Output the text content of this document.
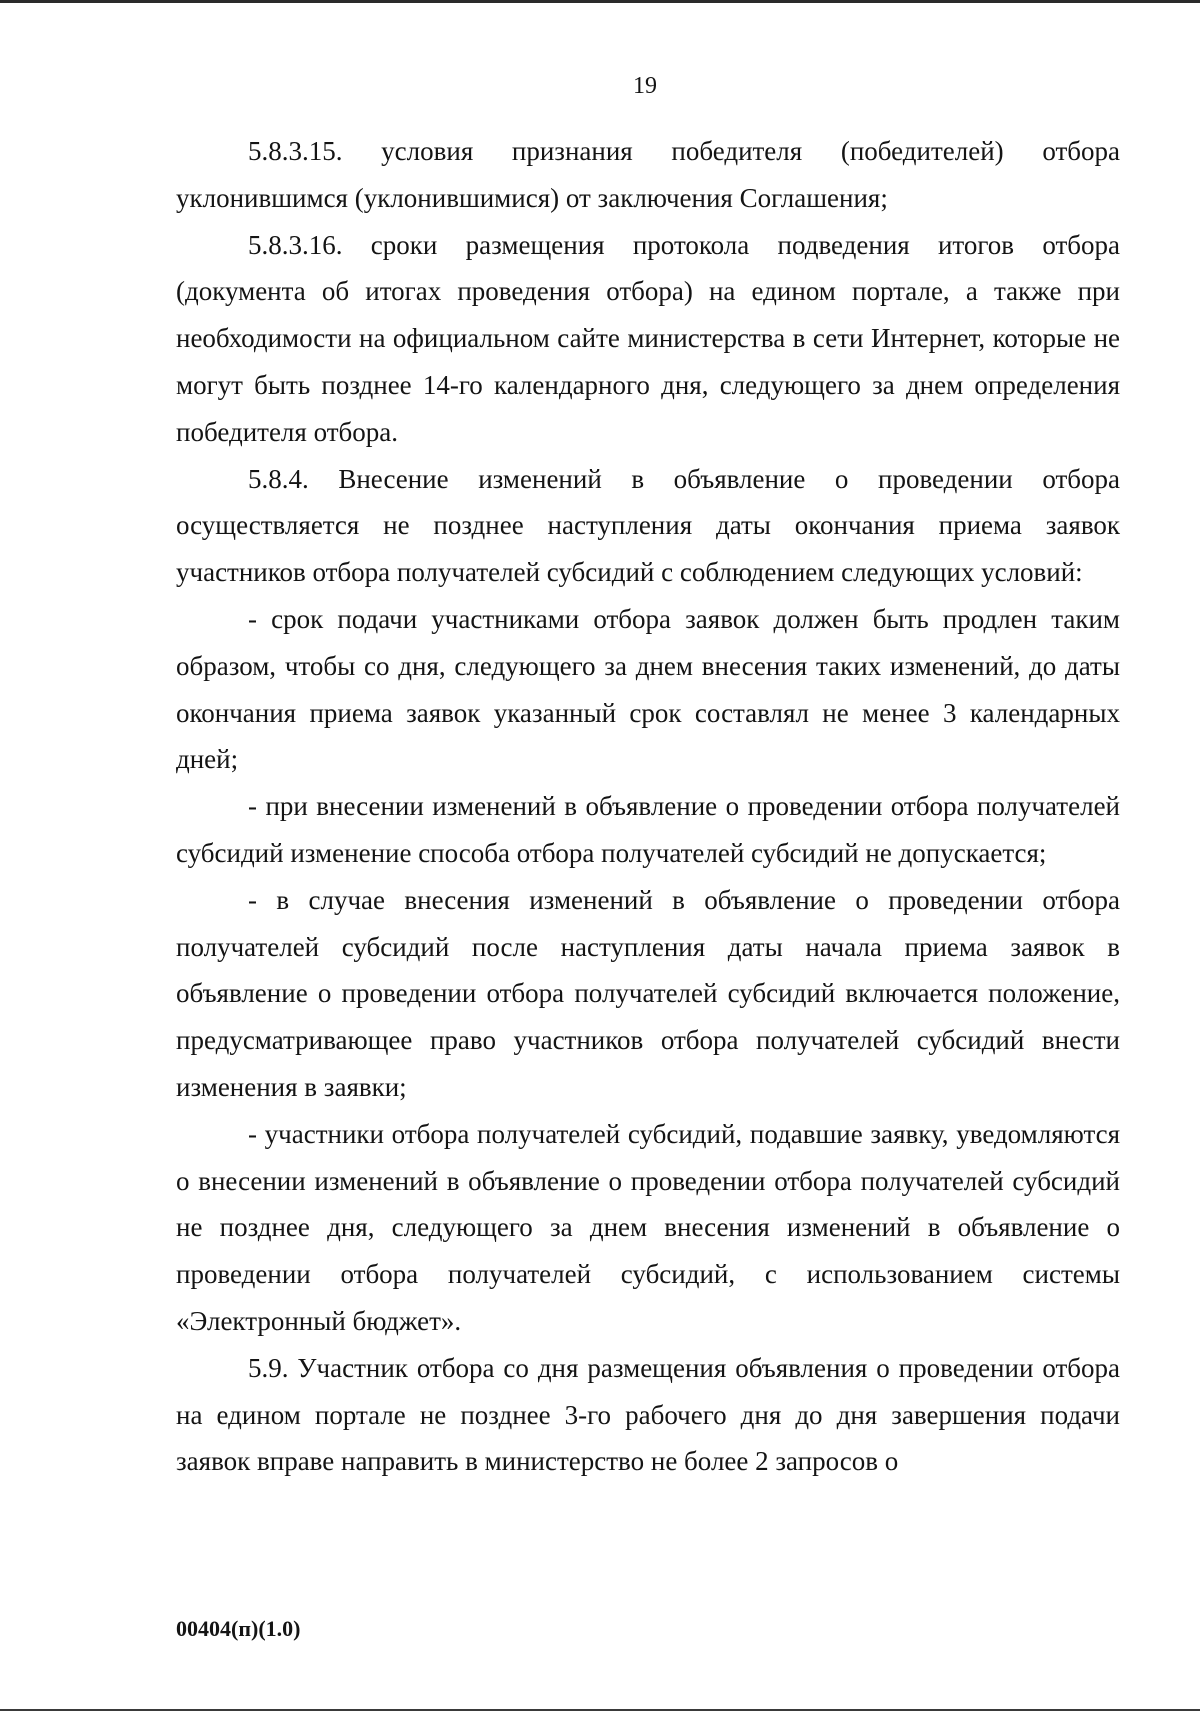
19

5.8.3.15. условия признания победителя (победителей) отбора уклонившимся (уклонившимися) от заключения Соглашения;

5.8.3.16. сроки размещения протокола подведения итогов отбора (документа об итогах проведения отбора) на едином портале, а также при необходимости на официальном сайте министерства в сети Интернет, которые не могут быть позднее 14-го календарного дня, следующего за днем определения победителя отбора.

5.8.4. Внесение изменений в объявление о проведении отбора осуществляется не позднее наступления даты окончания приема заявок участников отбора получателей субсидий с соблюдением следующих условий:

- срок подачи участниками отбора заявок должен быть продлен таким образом, чтобы со дня, следующего за днем внесения таких изменений, до даты окончания приема заявок указанный срок составлял не менее 3 календарных дней;

- при внесении изменений в объявление о проведении отбора получателей субсидий изменение способа отбора получателей субсидий не допускается;

- в случае внесения изменений в объявление о проведении отбора получателей субсидий после наступления даты начала приема заявок в объявление о проведении отбора получателей субсидий включается положение, предусматривающее право участников отбора получателей субсидий внести изменения в заявки;

- участники отбора получателей субсидий, подавшие заявку, уведомляются о внесении изменений в объявление о проведении отбора получателей субсидий не позднее дня, следующего за днем внесения изменений в объявление о проведении отбора получателей субсидий, с использованием системы «Электронный бюджет».

5.9. Участник отбора со дня размещения объявления о проведении отбора на едином портале не позднее 3-го рабочего дня до дня завершения подачи заявок вправе направить в министерство не более 2 запросов о

00404(п)(1.0)
